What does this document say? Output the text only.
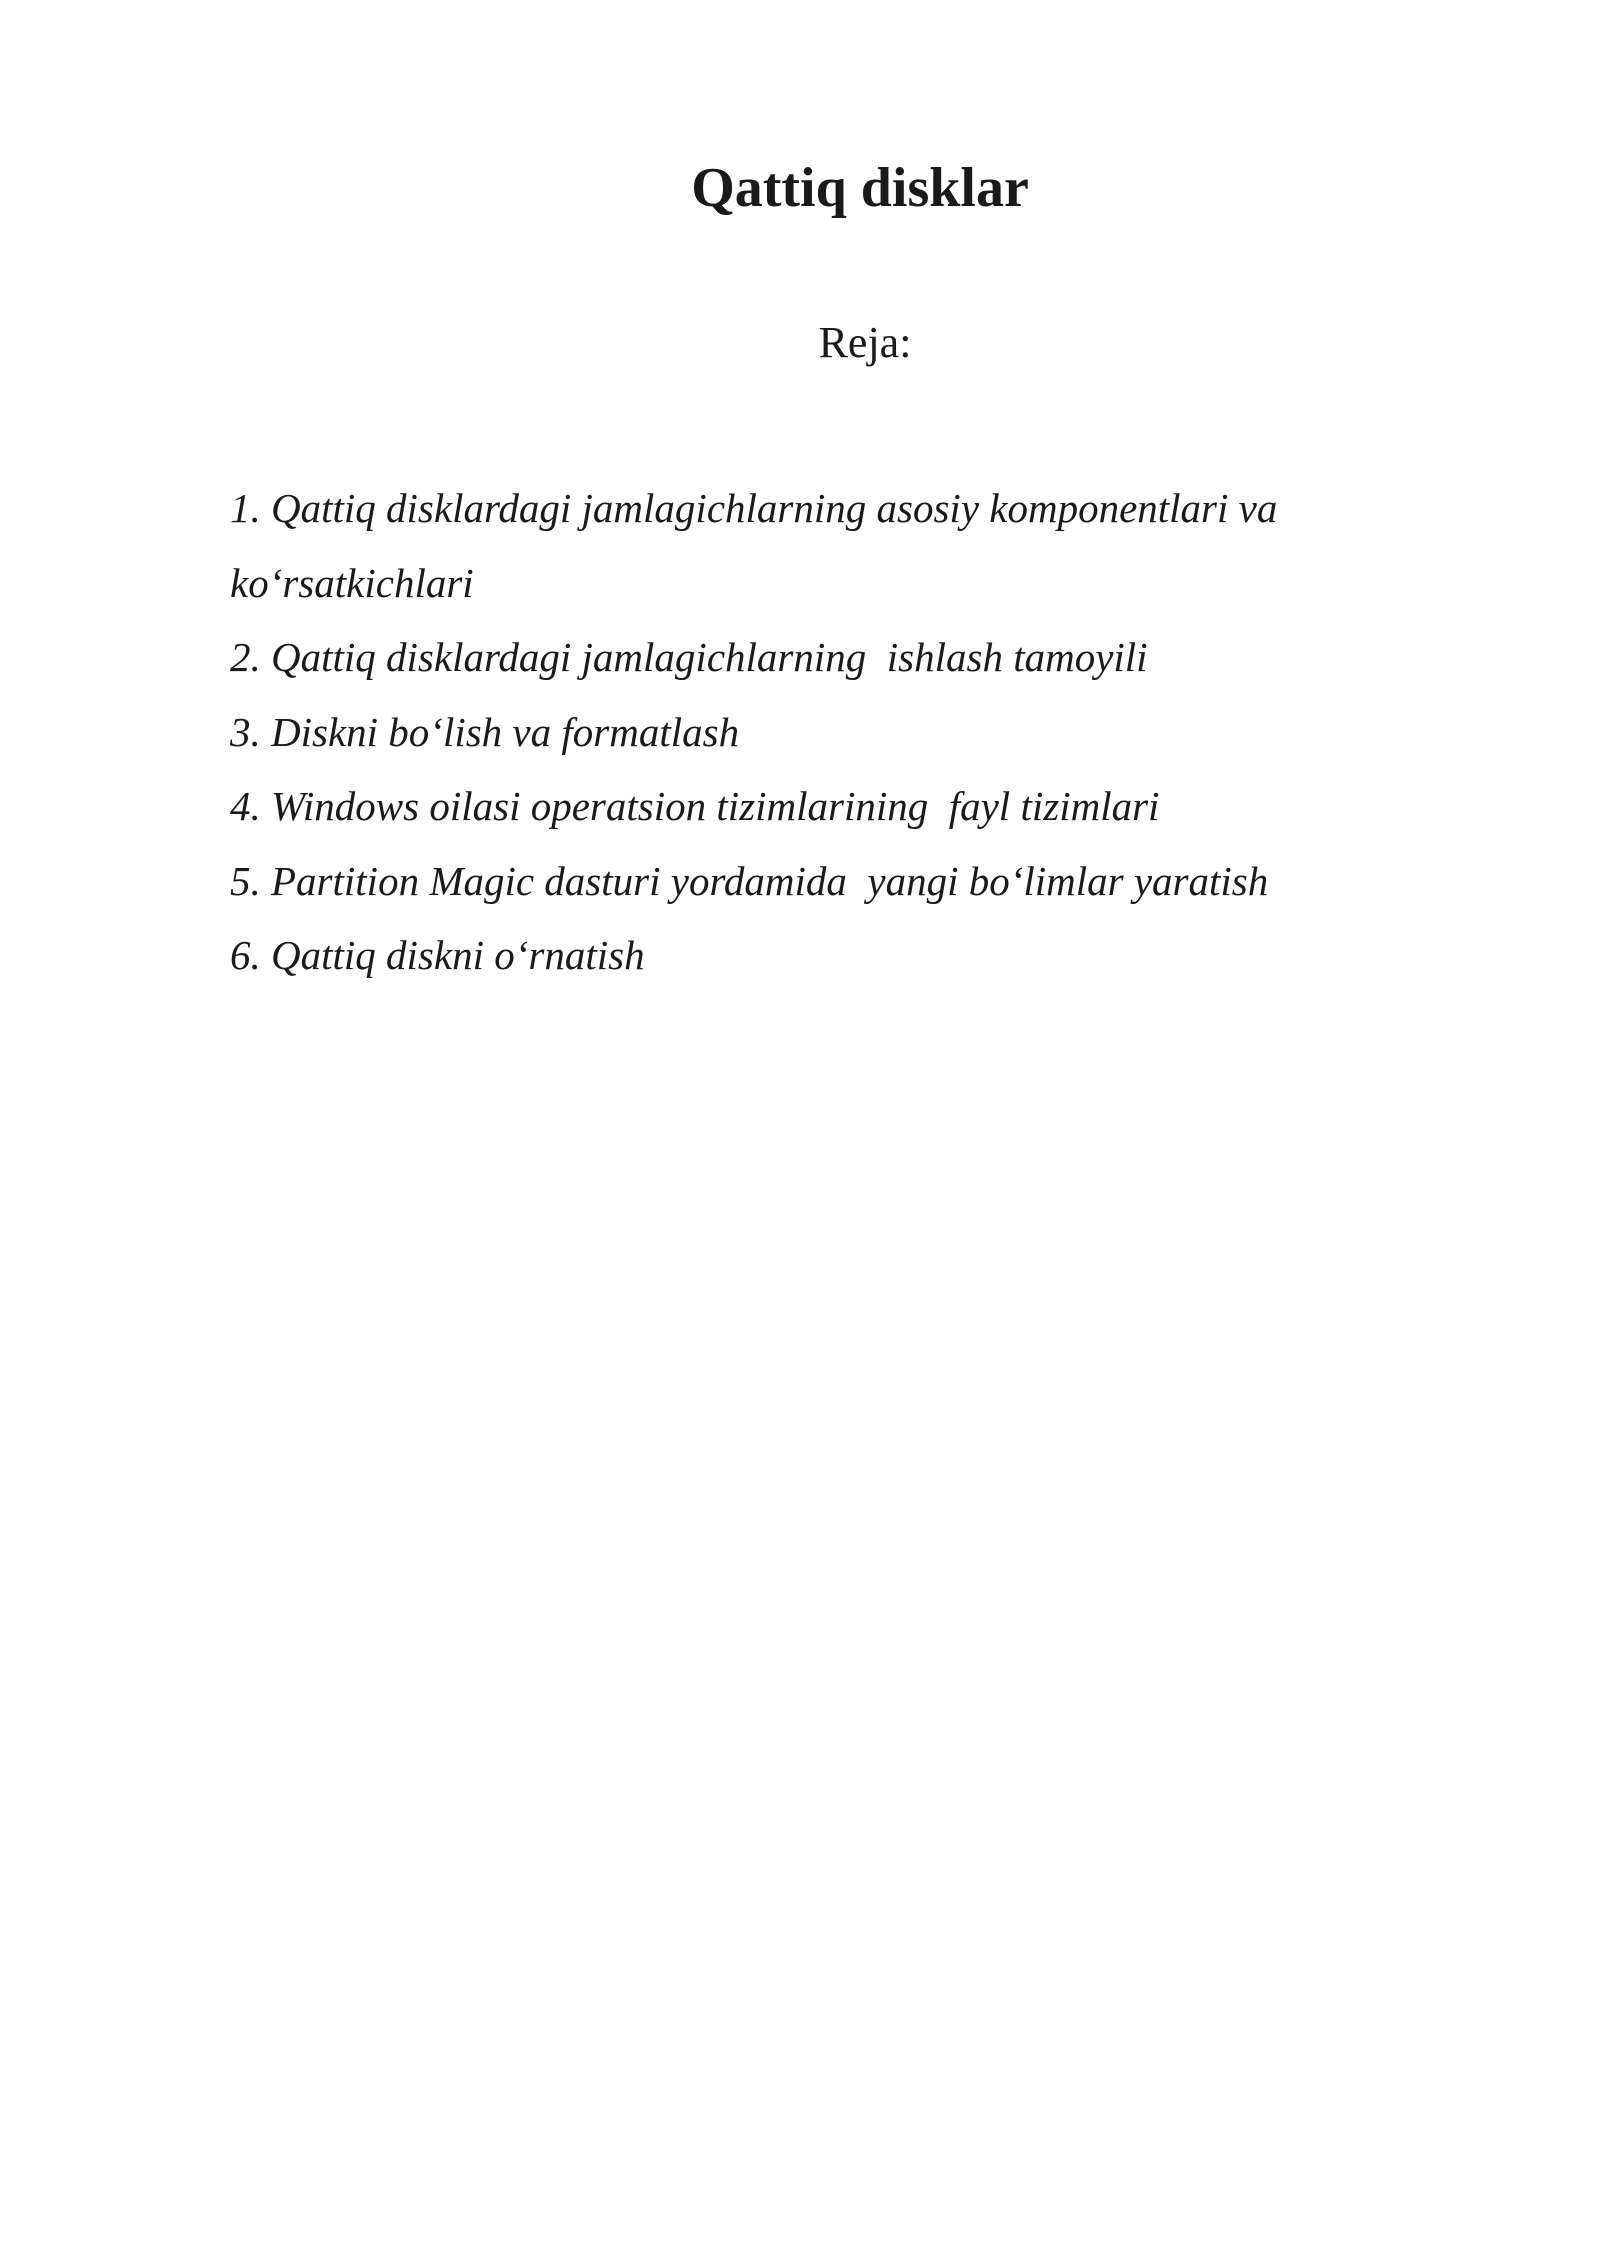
Qattiq disklar
Reja:
1. Qattiq disklardagi jamlagichlarning asosiy komponentlari va ko‘rsatkichlari
2. Qattiq disklardagi jamlagichlarning  ishlash tamoyili
3. Diskni bo‘lish va formatlash
4. Windows oilasi operatsion tizimlarining  fayl tizimlari
5. Partition Magic dasturi yordamida  yangi bo‘limlar yaratish
6. Qattiq diskni o‘rnatish
